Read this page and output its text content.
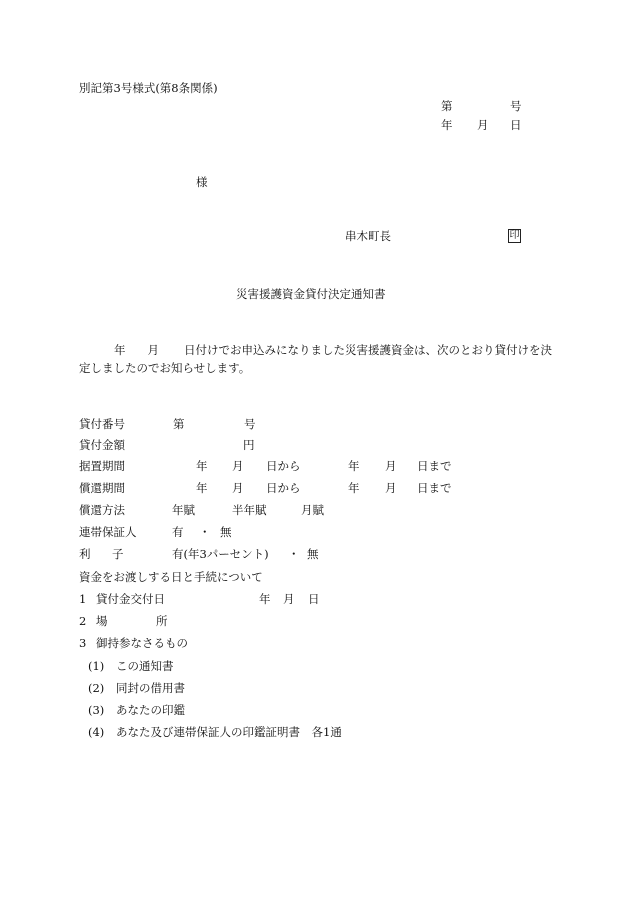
別記第3号様式(第8条関係)
第	号
年 月 日
様
串木町長	印
災害援護資金貸付決定通知書
年 月 日付けでお申込みになりました災害援護資金は、次のとおり貸付けを決定しましたのでお知らせします。
貸付番号	第	号
貸付金額	円
据置期間	年 月 日から	年 月 日まで
償還期間	年 月 日から	年 月 日まで
償還方法	年賦	半年賦	月賦
連帯保証人	有 ・ 無
利 子	有(年3パーセント) ・ 無
資金をお渡しする日と手続について
1 貸付金交付日	年 月 日
2 場	所
3 御持参なさるもの
(1) この通知書
(2) 同封の借用書
(3) あなたの印鑑
(4) あなた及び連帯保証人の印鑑証明書　各1通
